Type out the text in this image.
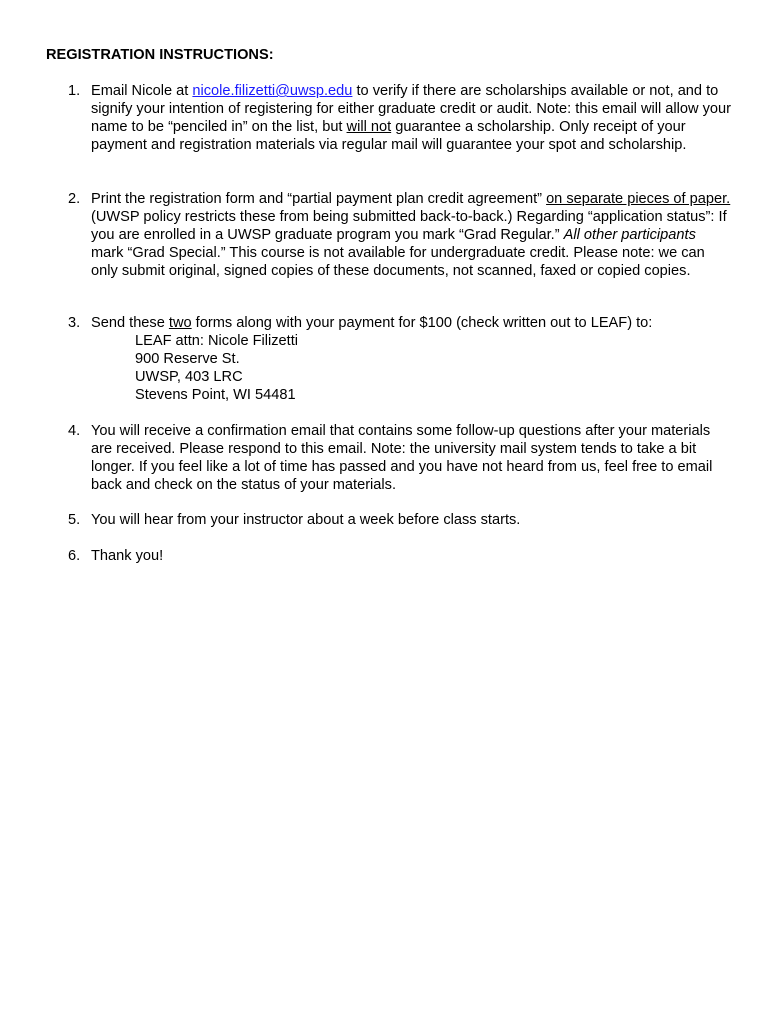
REGISTRATION INSTRUCTIONS:
1. Email Nicole at nicole.filizetti@uwsp.edu to verify if there are scholarships available or not, and to signify your intention of registering for either graduate credit or audit. Note: this email will allow your name to be “penciled in” on the list, but will not guarantee a scholarship. Only receipt of your payment and registration materials via regular mail will guarantee your spot and scholarship.
2. Print the registration form and “partial payment plan credit agreement” on separate pieces of paper. (UWSP policy restricts these from being submitted back-to-back.) Regarding “application status”: If you are enrolled in a UWSP graduate program you mark “Grad Regular.” All other participants mark “Grad Special.” This course is not available for undergraduate credit. Please note: we can only submit original, signed copies of these documents, not scanned, faxed or copied copies.
3. Send these two forms along with your payment for $100 (check written out to LEAF) to:
LEAF attn: Nicole Filizetti
900 Reserve St.
UWSP, 403 LRC
Stevens Point, WI 54481
4. You will receive a confirmation email that contains some follow-up questions after your materials are received. Please respond to this email. Note: the university mail system tends to take a bit longer. If you feel like a lot of time has passed and you have not heard from us, feel free to email back and check on the status of your materials.
5. You will hear from your instructor about a week before class starts.
6. Thank you!
